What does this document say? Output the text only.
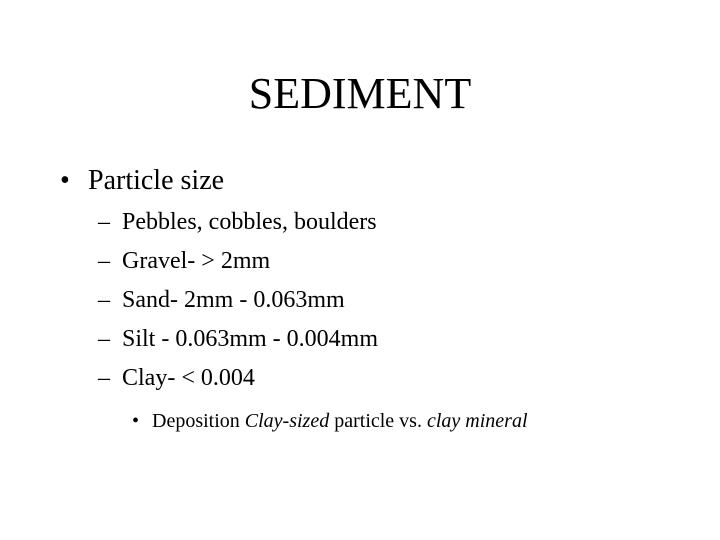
SEDIMENT
• Particle size
– Pebbles, cobbles, boulders
– Gravel- > 2mm
– Sand- 2mm - 0.063mm
– Silt - 0.063mm - 0.004mm
– Clay- < 0.004
• Deposition Clay-sized particle vs. clay mineral
